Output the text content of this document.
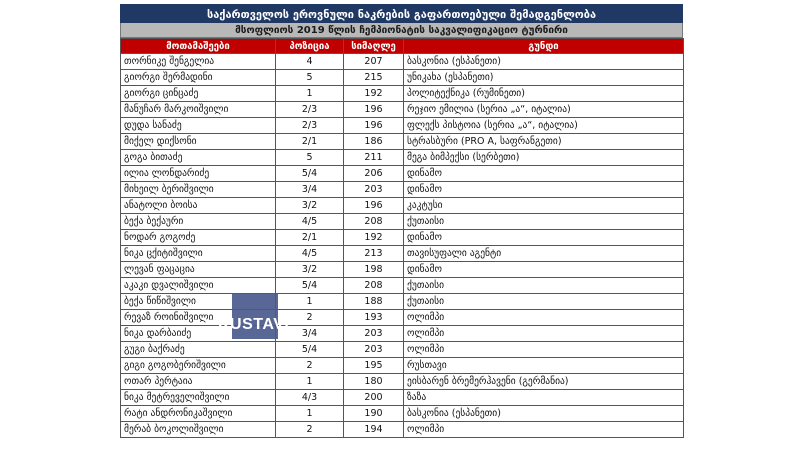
საქართველოს ეროვნული ნაკრების გაფართოებული შემადგენლობა
მსოფლიოს 2019 წლის ჩემპიონატის საკვალიფიკაციო ტურნირი
მოთამაშეები	პოზიცია	სიმაღლე	გუნდი
თორნიკე შენგელია	4	207	ბასკონია (ესპანეთი)
გიორგი შერმადინი	5	215	უნიკახა (ესპანეთი)
გიორგი ცინცაძე	1	192	პოლიტექნიკა (რუმინეთი)
მანუჩარ მარკოიშვილი	2/3	196	რეჯიო ემილია (სერია „ა“, იტალია)
დუდა სანაძე	2/3	196	ფლექს პისტოია (სერია „ა“, იტალია)
მიქელ დიქსონი	2/1	186	სტრასბური (PRO A, საფრანგეთი)
გოგა ბითაძე	5	211	მეგა ბიმპექსი (სერბეთი)
ილია ლონდარიძე	5/4	206	დინამო
მიხეილ ბერიშვილი	3/4	203	დინამო
ანატოლი ბოისა	3/2	196	კაკტუსი
ბექა ბექაური	4/5	208	ქუთაისი
ნოდარ გოგოძე	2/1	192	დინამო
ნიკა ცქიტიშვილი	4/5	213	თავისუფალი აგენტი
ლევან ფაცაცია	3/2	198	დინამო
აკაკი დვალიშვილი	5/4	208	ქუთაისი
ბექა წიწიშვილი	1	188	ქუთაისი
რევაზ როინიშვილი	2	193	ოლიმპი
ნიკა დარბაიძე	3/4	203	ოლიმპი
გუგი ბაქრაძე	5/4	203	ოლიმპი
გიგი გოგობერიშვილი	2	195	რუსთავი
ოთარ პერტაია	1	180	ეისბარენ ბრემერჰავენი (გერმანია)
ნიკა მეტრეველიშვილი	4/3	200	ზაზა
რატი ანდრონიკაშვილი	1	190	ბასკონია (ესპანეთი)
მერაბ ბოკოლიშვილი	2	194	ოლიმპი
RUSTAVI
